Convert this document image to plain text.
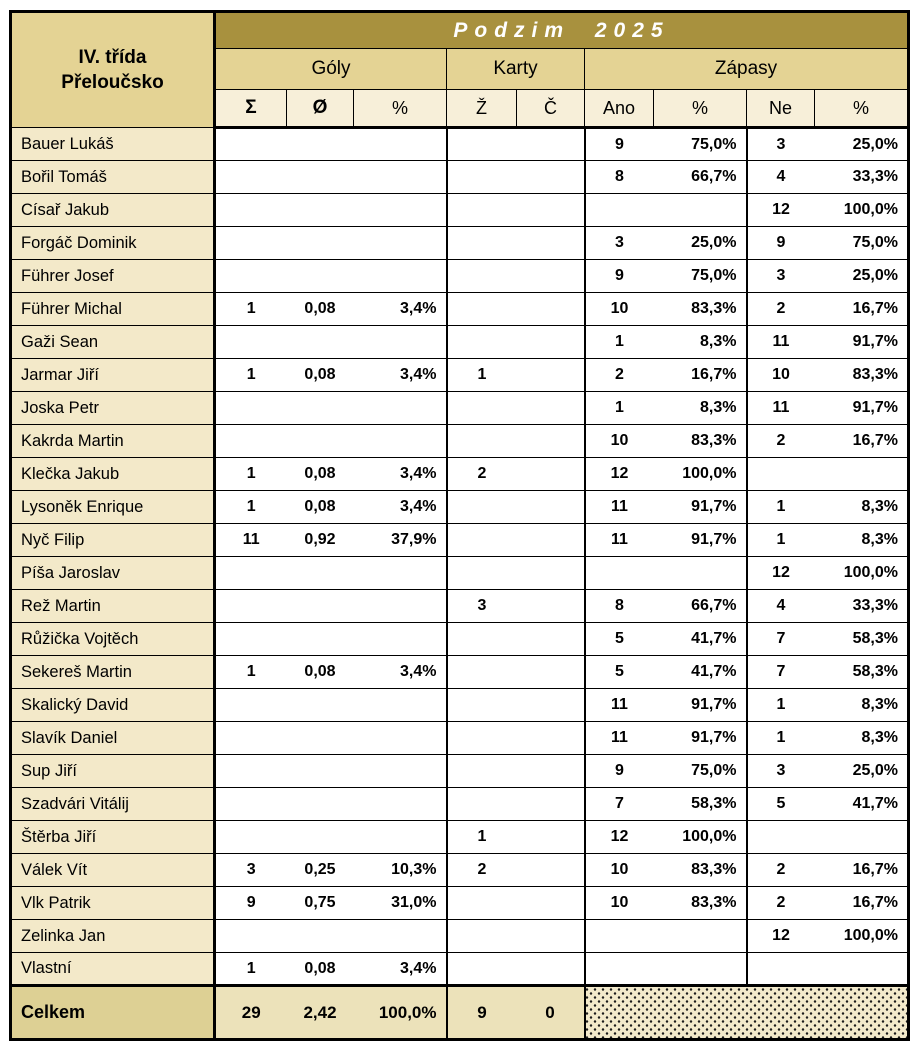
IV. třída
Přeloučsko	Podzim 2025								
	Góly			Karty		Zápasy			
	Σ	Ø	%	Ž	Č	Ano	%	Ne	%
Bauer Lukáš						9	75,0%	3	25,0%
Bořil Tomáš						8	66,7%	4	33,3%
Císař Jakub								12	100,0%
Forgáč Dominik						3	25,0%	9	75,0%
Führer Josef						9	75,0%	3	25,0%
Führer Michal	1	0,08	3,4%			10	83,3%	2	16,7%
Gaži Sean						1	8,3%	11	91,7%
Jarmar Jiří	1	0,08	3,4%	1		2	16,7%	10	83,3%
Joska Petr						1	8,3%	11	91,7%
Kakrda Martin						10	83,3%	2	16,7%
Klečka Jakub	1	0,08	3,4%	2		12	100,0%		
Lysoněk Enrique	1	0,08	3,4%			11	91,7%	1	8,3%
Nyč Filip	11	0,92	37,9%			11	91,7%	1	8,3%
Píša Jaroslav								12	100,0%
Rež Martin				3		8	66,7%	4	33,3%
Růžička Vojtěch						5	41,7%	7	58,3%
Sekereš Martin	1	0,08	3,4%			5	41,7%	7	58,3%
Skalický David						11	91,7%	1	8,3%
Slavík Daniel						11	91,7%	1	8,3%
Sup Jiří						9	75,0%	3	25,0%
Szadvári Vitálij						7	58,3%	5	41,7%
Štěrba Jiří				1		12	100,0%		
Válek Vít	3	0,25	10,3%	2		10	83,3%	2	16,7%
Vlk Patrik	9	0,75	31,0%			10	83,3%	2	16,7%
Zelinka Jan								12	100,0%
Vlastní	1	0,08	3,4%						
Celkem	29	2,42	100,0%	9	0				
